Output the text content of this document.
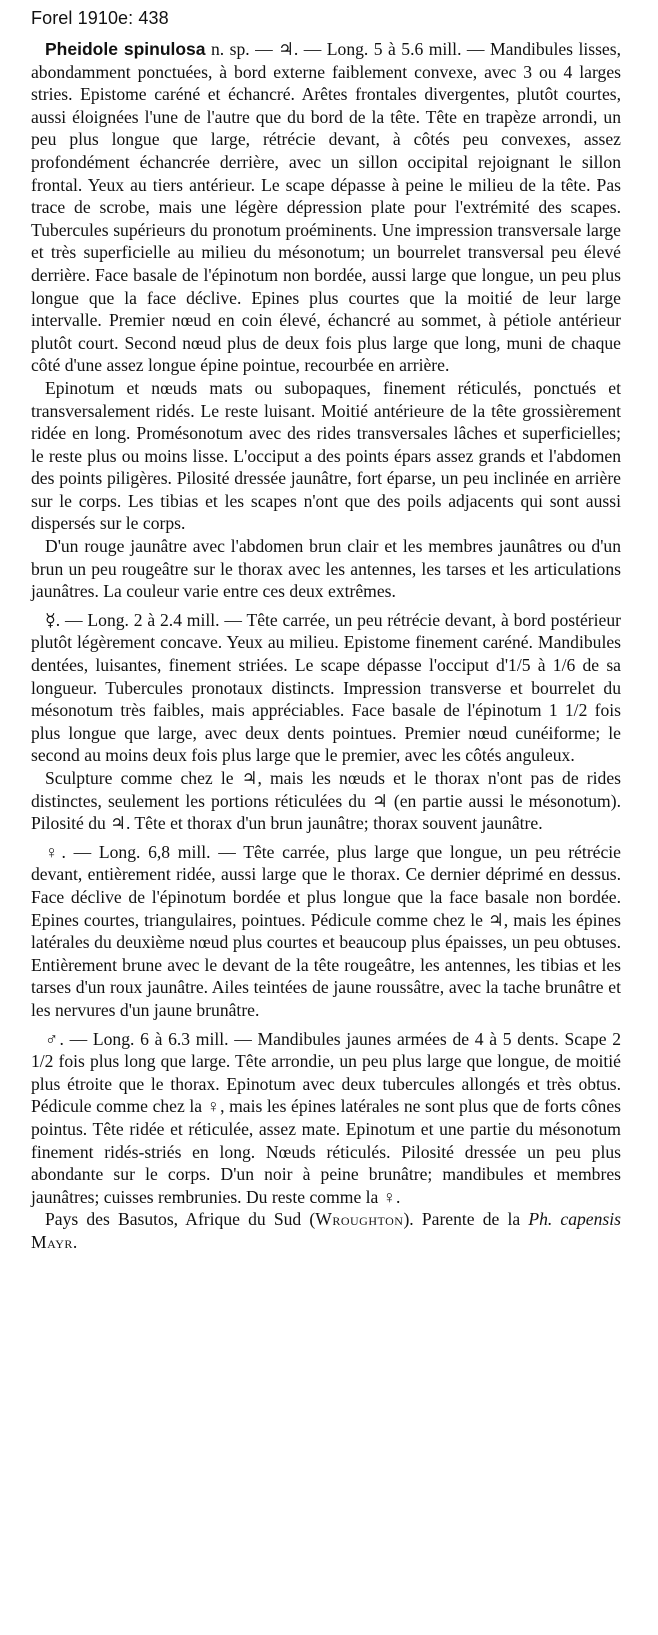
Forel 1910e: 438

Pheidole spinulosa n. sp. — ♃. — Long. 5 à 5.6 mill. — Mandibules lisses, abondamment ponctuées, à bord externe faiblement convexe, avec 3 ou 4 larges stries. Epistome caréné et échancré. Arêtes frontales divergentes, plutôt courtes, aussi éloignées l'une de l'autre que du bord de la tête. Tête en trapèze arrondi, un peu plus longue que large, rétrécie devant, à côtés peu convexes, assez profondément échancrée derrière, avec un sillon occipital rejoignant le sillon frontal. Yeux au tiers antérieur. Le scape dépasse à peine le milieu de la tête. Pas trace de scrobe, mais une légère dépression plate pour l'extrémité des scapes. Tubercules supérieurs du pronotum proéminents. Une impression transversale large et très superficielle au milieu du mésonotum; un bourrelet transversal peu élevé derrière. Face basale de l'épinotum non bordée, aussi large que longue, un peu plus longue que la face déclive. Epines plus courtes que la moitié de leur large intervalle. Premier nœud en coin élevé, échancré au sommet, à pétiole antérieur plutôt court. Second nœud plus de deux fois plus large que long, muni de chaque côté d'une assez longue épine pointue, recourbée en arrière.

Epinotum et nœuds mats ou subopaques, finement réticulés, ponctués et transversalement ridés. Le reste luisant. Moitié antérieure de la tête grossièrement ridée en long. Promésonotum avec des rides transversales lâches et superficielles; le reste plus ou moins lisse. L'occiput a des points épars assez grands et l'abdomen des points piligères. Pilosité dressée jaunâtre, fort éparse, un peu inclinée en arrière sur le corps. Les tibias et les scapes n'ont que des poils adjacents qui sont aussi dispersés sur le corps.

D'un rouge jaunâtre avec l'abdomen brun clair et les membres jaunâtres ou d'un brun un peu rougeâtre sur le thorax avec les antennes, les tarses et les articulations jaunâtres. La couleur varie entre ces deux extrêmes.

☿. — Long. 2 à 2.4 mill. — Tête carrée, un peu rétrécie devant, à bord postérieur plutôt légèrement concave. Yeux au milieu. Epistome finement caréné. Mandibules dentées, luisantes, finement striées. Le scape dépasse l'occiput d'1/5 à 1/6 de sa longueur. Tubercules pronotaux distincts. Impression transverse et bourrelet du mésonotum très faibles, mais appréciables. Face basale de l'épinotum 1 1/2 fois plus longue que large, avec deux dents pointues. Premier nœud cunéiforme; le second au moins deux fois plus large que le premier, avec les côtés anguleux.

Sculpture comme chez le ♃, mais les nœuds et le thorax n'ont pas de rides distinctes, seulement les portions réticulées du ♃ (en partie aussi le mésonotum). Pilosité du ♃. Tête et thorax d'un brun jaunâtre; thorax souvent jaunâtre.

♀. — Long. 6,8 mill. — Tête carrée, plus large que longue, un peu rétrécie devant, entièrement ridée, aussi large que le thorax. Ce dernier déprimé en dessus. Face déclive de l'épinotum bordée et plus longue que la face basale non bordée. Epines courtes, triangulaires, pointues. Pédicule comme chez le ♃, mais les épines latérales du deuxième nœud plus courtes et beaucoup plus épaisses, un peu obtuses. Entièrement brune avec le devant de la tête rougeâtre, les antennes, les tibias et les tarses d'un roux jaunâtre. Ailes teintées de jaune roussâtre, avec la tache brunâtre et les nervures d'un jaune brunâtre.

♂. — Long. 6 à 6.3 mill. — Mandibules jaunes armées de 4 à 5 dents. Scape 2 1/2 fois plus long que large. Tête arrondie, un peu plus large que longue, de moitié plus étroite que le thorax. Epinotum avec deux tubercules allongés et très obtus. Pédicule comme chez la ♀, mais les épines latérales ne sont plus que de forts cônes pointus. Tête ridée et réticulée, assez mate. Epinotum et une partie du mésonotum finement ridés-striés en long. Nœuds réticulés. Pilosité dressée un peu plus abondante sur le corps. D'un noir à peine brunâtre; mandibules et membres jaunâtres; cuisses rembrunies. Du reste comme la ♀.

Pays des Basutos, Afrique du Sud (Wroughton). Parente de la Ph. capensis Mayr.
